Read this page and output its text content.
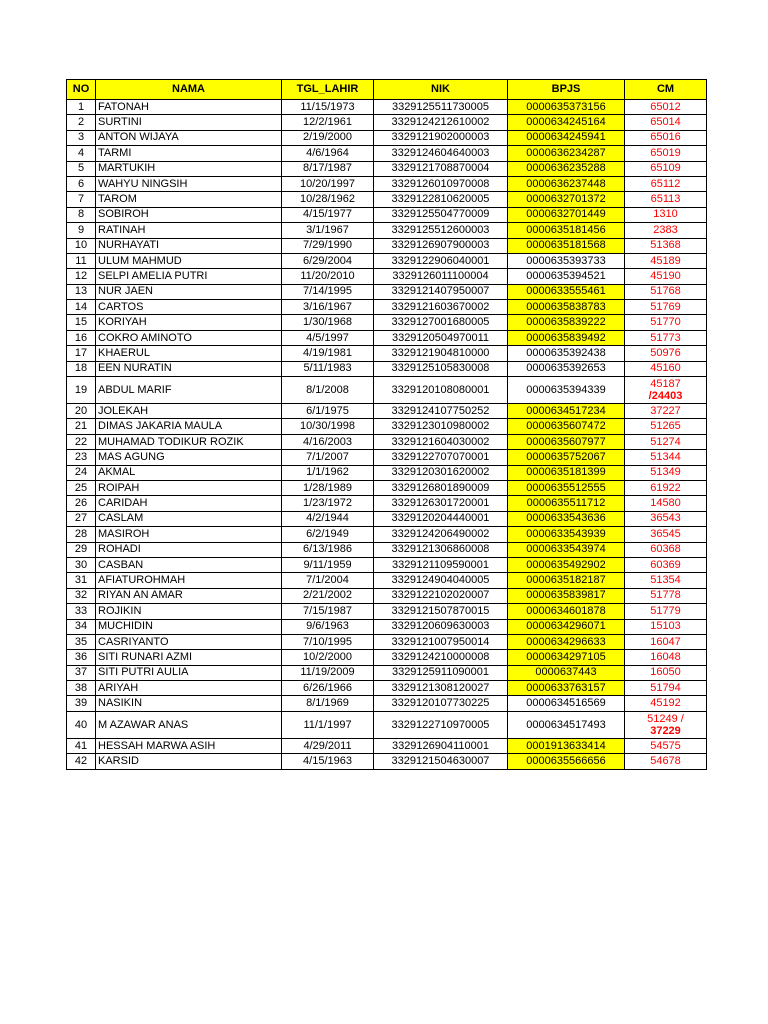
NO	NAMA	TGL_LAHIR	NIK	BPJS	CM
1	FATONAH	11/15/1973	3329125511730005	0000635373156	65012
2	SURTINI	12/2/1961	3329124212610002	0000634245164	65014
3	ANTON WIJAYA	2/19/2000	3329121902000003	0000634245941	65016
4	TARMI	4/6/1964	3329124604640003	0000636234287	65019
5	MARTUKIH	8/17/1987	3329121708870004	0000636235288	65109
6	WAHYU NINGSIH	10/20/1997	3329126010970008	0000636237448	65112
7	TAROM	10/28/1962	3329122810620005	0000632701372	65113
8	SOBIROH	4/15/1977	3329125504770009	0000632701449	1310
9	RATINAH	3/1/1967	3329125512600003	0000635181456	2383
10	NURHAYATI	7/29/1990	3329126907900003	0000635181568	51368
11	ULUM MAHMUD	6/29/2004	3329122906040001	0000635393733	45189
12	SELPI AMELIA PUTRI	11/20/2010	3329126011100004	0000635394521	45190
13	NUR JAEN	7/14/1995	3329121407950007	0000633555461	51768
14	CARTOS	3/16/1967	3329121603670002	0000635838783	51769
15	KORIYAH	1/30/1968	3329127001680005	0000635839222	51770
16	COKRO AMINOTO	4/5/1997	3329120504970011	0000635839492	51773
17	KHAERUL	4/19/1981	3329121904810000	0000635392438	50976
18	EEN NURATIN	5/11/1983	3329125105830008	0000635392653	45160
19	ABDUL MARIF	8/1/2008	3329120108080001	0000635394339	45187
/24403

20	JOLEKAH	6/1/1975	3329124107750252	0000634517234	37227
21	DIMAS JAKARIA MAULA	10/30/1998	3329123010980002	0000635607472	51265
22	MUHAMAD TODIKUR ROZIK	4/16/2003	3329121604030002	0000635607977	51274
23	MAS AGUNG	7/1/2007	3329122707070001	0000635752067	51344
24	AKMAL	1/1/1962	3329120301620002	0000635181399	51349
25	ROIPAH	1/28/1989	3329126801890009	0000635512555	61922
26	CARIDAH	1/23/1972	3329126301720001	0000635511712	14580
27	CASLAM	4/2/1944	3329120204440001	0000633543636	36543
28	MASIROH	6/2/1949	3329124206490002	0000633543939	36545
29	ROHADI	6/13/1986	3329121306860008	0000633543974	60368
30	CASBAN	9/11/1959	3329121109590001	0000635492902	60369
31	AFIATUROHMAH	7/1/2004	3329124904040005	0000635182187	51354
32	RIYAN AN AMAR	2/21/2002	3329122102020007	0000635839817	51778
33	ROJIKIN	7/15/1987	3329121507870015	0000634601878	51779
34	MUCHIDIN	9/6/1963	3329120609630003	0000634296071	15103
35	CASRIYANTO	7/10/1995	3329121007950014	0000634296633	16047
36	SITI RUNARI AZMI	10/2/2000	3329124210000008	0000634297105	16048
37	SITI PUTRI AULIA	11/19/2009	3329125911090001	0000637443	16050
38	ARIYAH	6/26/1966	3329121308120027	0000633763157	51794
39	NASIKIN	8/1/1969	3329120107730225	0000634516569	45192
40	M AZAWAR ANAS	11/1/1997	3329122710970005	0000634517493	51249 /
37229

41	HESSAH MARWA ASIH	4/29/2011	3329126904110001	0001913633414	54575
42	KARSID	4/15/1963	3329121504630007	0000635566656	54678
